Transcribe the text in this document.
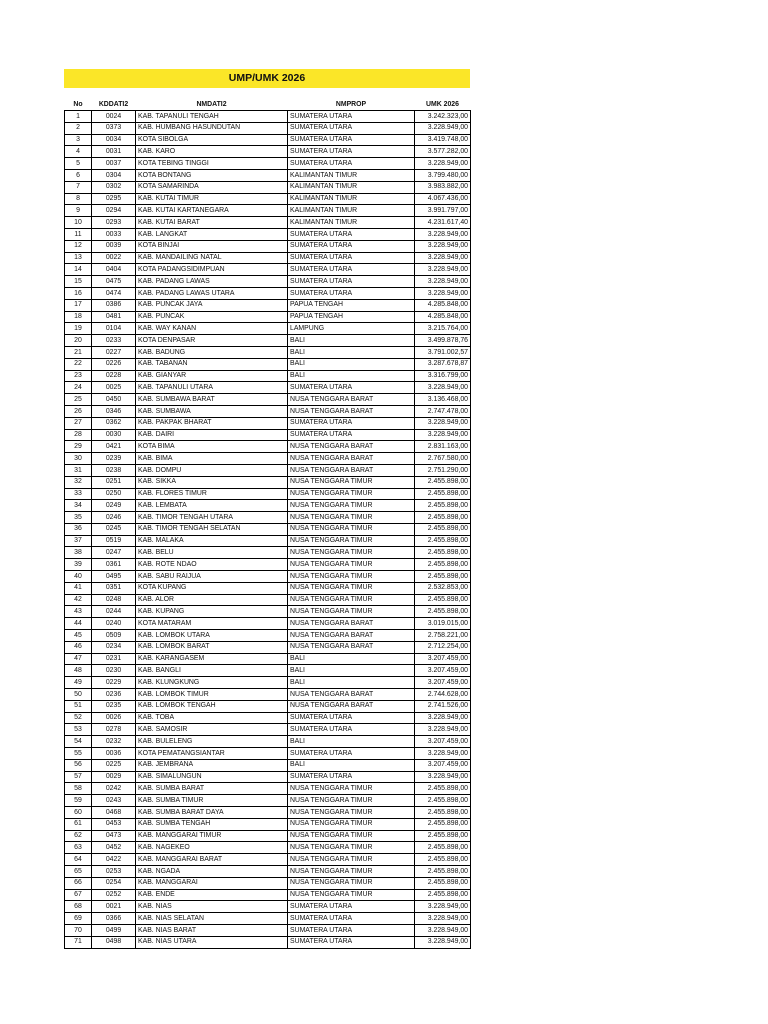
UMP/UMK 2026
No	KDDATI2	NMDATI2	NMPROP	UMK 2026
1	0024	KAB. TAPANULI TENGAH	SUMATERA UTARA	3.242.323,00
2	0373	KAB. HUMBANG HASUNDUTAN	SUMATERA UTARA	3.228.949,00
3	0034	KOTA SIBOLGA	SUMATERA UTARA	3.419.748,00
4	0031	KAB. KARO	SUMATERA UTARA	3.577.282,00
5	0037	KOTA TEBING TINGGI	SUMATERA UTARA	3.228.949,00
6	0304	KOTA BONTANG	KALIMANTAN TIMUR	3.799.480,00
7	0302	KOTA SAMARINDA	KALIMANTAN TIMUR	3.983.882,00
8	0295	KAB. KUTAI TIMUR	KALIMANTAN TIMUR	4.067.436,00
9	0294	KAB. KUTAI KARTANEGARA	KALIMANTAN TIMUR	3.991.797,00
10	0293	KAB. KUTAI BARAT	KALIMANTAN TIMUR	4.231.617,40
11	0033	KAB. LANGKAT	SUMATERA UTARA	3.228.949,00
12	0039	KOTA BINJAI	SUMATERA UTARA	3.228.949,00
13	0022	KAB. MANDAILING NATAL	SUMATERA UTARA	3.228.949,00
14	0404	KOTA PADANGSIDIMPUAN	SUMATERA UTARA	3.228.949,00
15	0475	KAB. PADANG LAWAS	SUMATERA UTARA	3.228.949,00
16	0474	KAB. PADANG LAWAS UTARA	SUMATERA UTARA	3.228.949,00
17	0386	KAB. PUNCAK JAYA	PAPUA TENGAH	4.285.848,00
18	0481	KAB. PUNCAK	PAPUA TENGAH	4.285.848,00
19	0104	KAB. WAY KANAN	LAMPUNG	3.215.764,00
20	0233	KOTA DENPASAR	BALI	3.499.878,76
21	0227	KAB. BADUNG	BALI	3.791.002,57
22	0226	KAB. TABANAN	BALI	3.287.678,87
23	0228	KAB. GIANYAR	BALI	3.316.799,00
24	0025	KAB. TAPANULI UTARA	SUMATERA UTARA	3.228.949,00
25	0450	KAB. SUMBAWA BARAT	NUSA TENGGARA BARAT	3.136.468,00
26	0346	KAB. SUMBAWA	NUSA TENGGARA BARAT	2.747.478,00
27	0362	KAB. PAKPAK BHARAT	SUMATERA UTARA	3.228.949,00
28	0030	KAB. DAIRI	SUMATERA UTARA	3.228.949,00
29	0421	KOTA BIMA	NUSA TENGGARA BARAT	2.831.163,00
30	0239	KAB. BIMA	NUSA TENGGARA BARAT	2.767.580,00
31	0238	KAB. DOMPU	NUSA TENGGARA BARAT	2.751.290,00
32	0251	KAB. SIKKA	NUSA TENGGARA TIMUR	2.455.898,00
33	0250	KAB. FLORES TIMUR	NUSA TENGGARA TIMUR	2.455.898,00
34	0249	KAB. LEMBATA	NUSA TENGGARA TIMUR	2.455.898,00
35	0246	KAB. TIMOR TENGAH UTARA	NUSA TENGGARA TIMUR	2.455.898,00
36	0245	KAB. TIMOR TENGAH SELATAN	NUSA TENGGARA TIMUR	2.455.898,00
37	0519	KAB. MALAKA	NUSA TENGGARA TIMUR	2.455.898,00
38	0247	KAB. BELU	NUSA TENGGARA TIMUR	2.455.898,00
39	0361	KAB. ROTE NDAO	NUSA TENGGARA TIMUR	2.455.898,00
40	0495	KAB. SABU RAIJUA	NUSA TENGGARA TIMUR	2.455.898,00
41	0351	KOTA KUPANG	NUSA TENGGARA TIMUR	2.532.853,00
42	0248	KAB. ALOR	NUSA TENGGARA TIMUR	2.455.898,00
43	0244	KAB. KUPANG	NUSA TENGGARA TIMUR	2.455.898,00
44	0240	KOTA MATARAM	NUSA TENGGARA BARAT	3.019.015,00
45	0509	KAB. LOMBOK UTARA	NUSA TENGGARA BARAT	2.758.221,00
46	0234	KAB. LOMBOK BARAT	NUSA TENGGARA BARAT	2.712.254,00
47	0231	KAB. KARANGASEM	BALI	3.207.459,00
48	0230	KAB. BANGLI	BALI	3.207.459,00
49	0229	KAB. KLUNGKUNG	BALI	3.207.459,00
50	0236	KAB. LOMBOK TIMUR	NUSA TENGGARA BARAT	2.744.628,00
51	0235	KAB. LOMBOK TENGAH	NUSA TENGGARA BARAT	2.741.526,00
52	0026	KAB. TOBA	SUMATERA UTARA	3.228.949,00
53	0278	KAB. SAMOSIR	SUMATERA UTARA	3.228.949,00
54	0232	KAB. BULELENG	BALI	3.207.459,00
55	0036	KOTA PEMATANGSIANTAR	SUMATERA UTARA	3.228.949,00
56	0225	KAB. JEMBRANA	BALI	3.207.459,00
57	0029	KAB. SIMALUNGUN	SUMATERA UTARA	3.228.949,00
58	0242	KAB. SUMBA BARAT	NUSA TENGGARA TIMUR	2.455.898,00
59	0243	KAB. SUMBA TIMUR	NUSA TENGGARA TIMUR	2.455.898,00
60	0468	KAB. SUMBA BARAT DAYA	NUSA TENGGARA TIMUR	2.455.898,00
61	0453	KAB. SUMBA TENGAH	NUSA TENGGARA TIMUR	2.455.898,00
62	0473	KAB. MANGGARAI TIMUR	NUSA TENGGARA TIMUR	2.455.898,00
63	0452	KAB. NAGEKEO	NUSA TENGGARA TIMUR	2.455.898,00
64	0422	KAB. MANGGARAI BARAT	NUSA TENGGARA TIMUR	2.455.898,00
65	0253	KAB. NGADA	NUSA TENGGARA TIMUR	2.455.898,00
66	0254	KAB. MANGGARAI	NUSA TENGGARA TIMUR	2.455.898,00
67	0252	KAB. ENDE	NUSA TENGGARA TIMUR	2.455.898,00
68	0021	KAB. NIAS	SUMATERA UTARA	3.228.949,00
69	0366	KAB. NIAS SELATAN	SUMATERA UTARA	3.228.949,00
70	0499	KAB. NIAS BARAT	SUMATERA UTARA	3.228.949,00
71	0498	KAB. NIAS UTARA	SUMATERA UTARA	3.228.949,00
